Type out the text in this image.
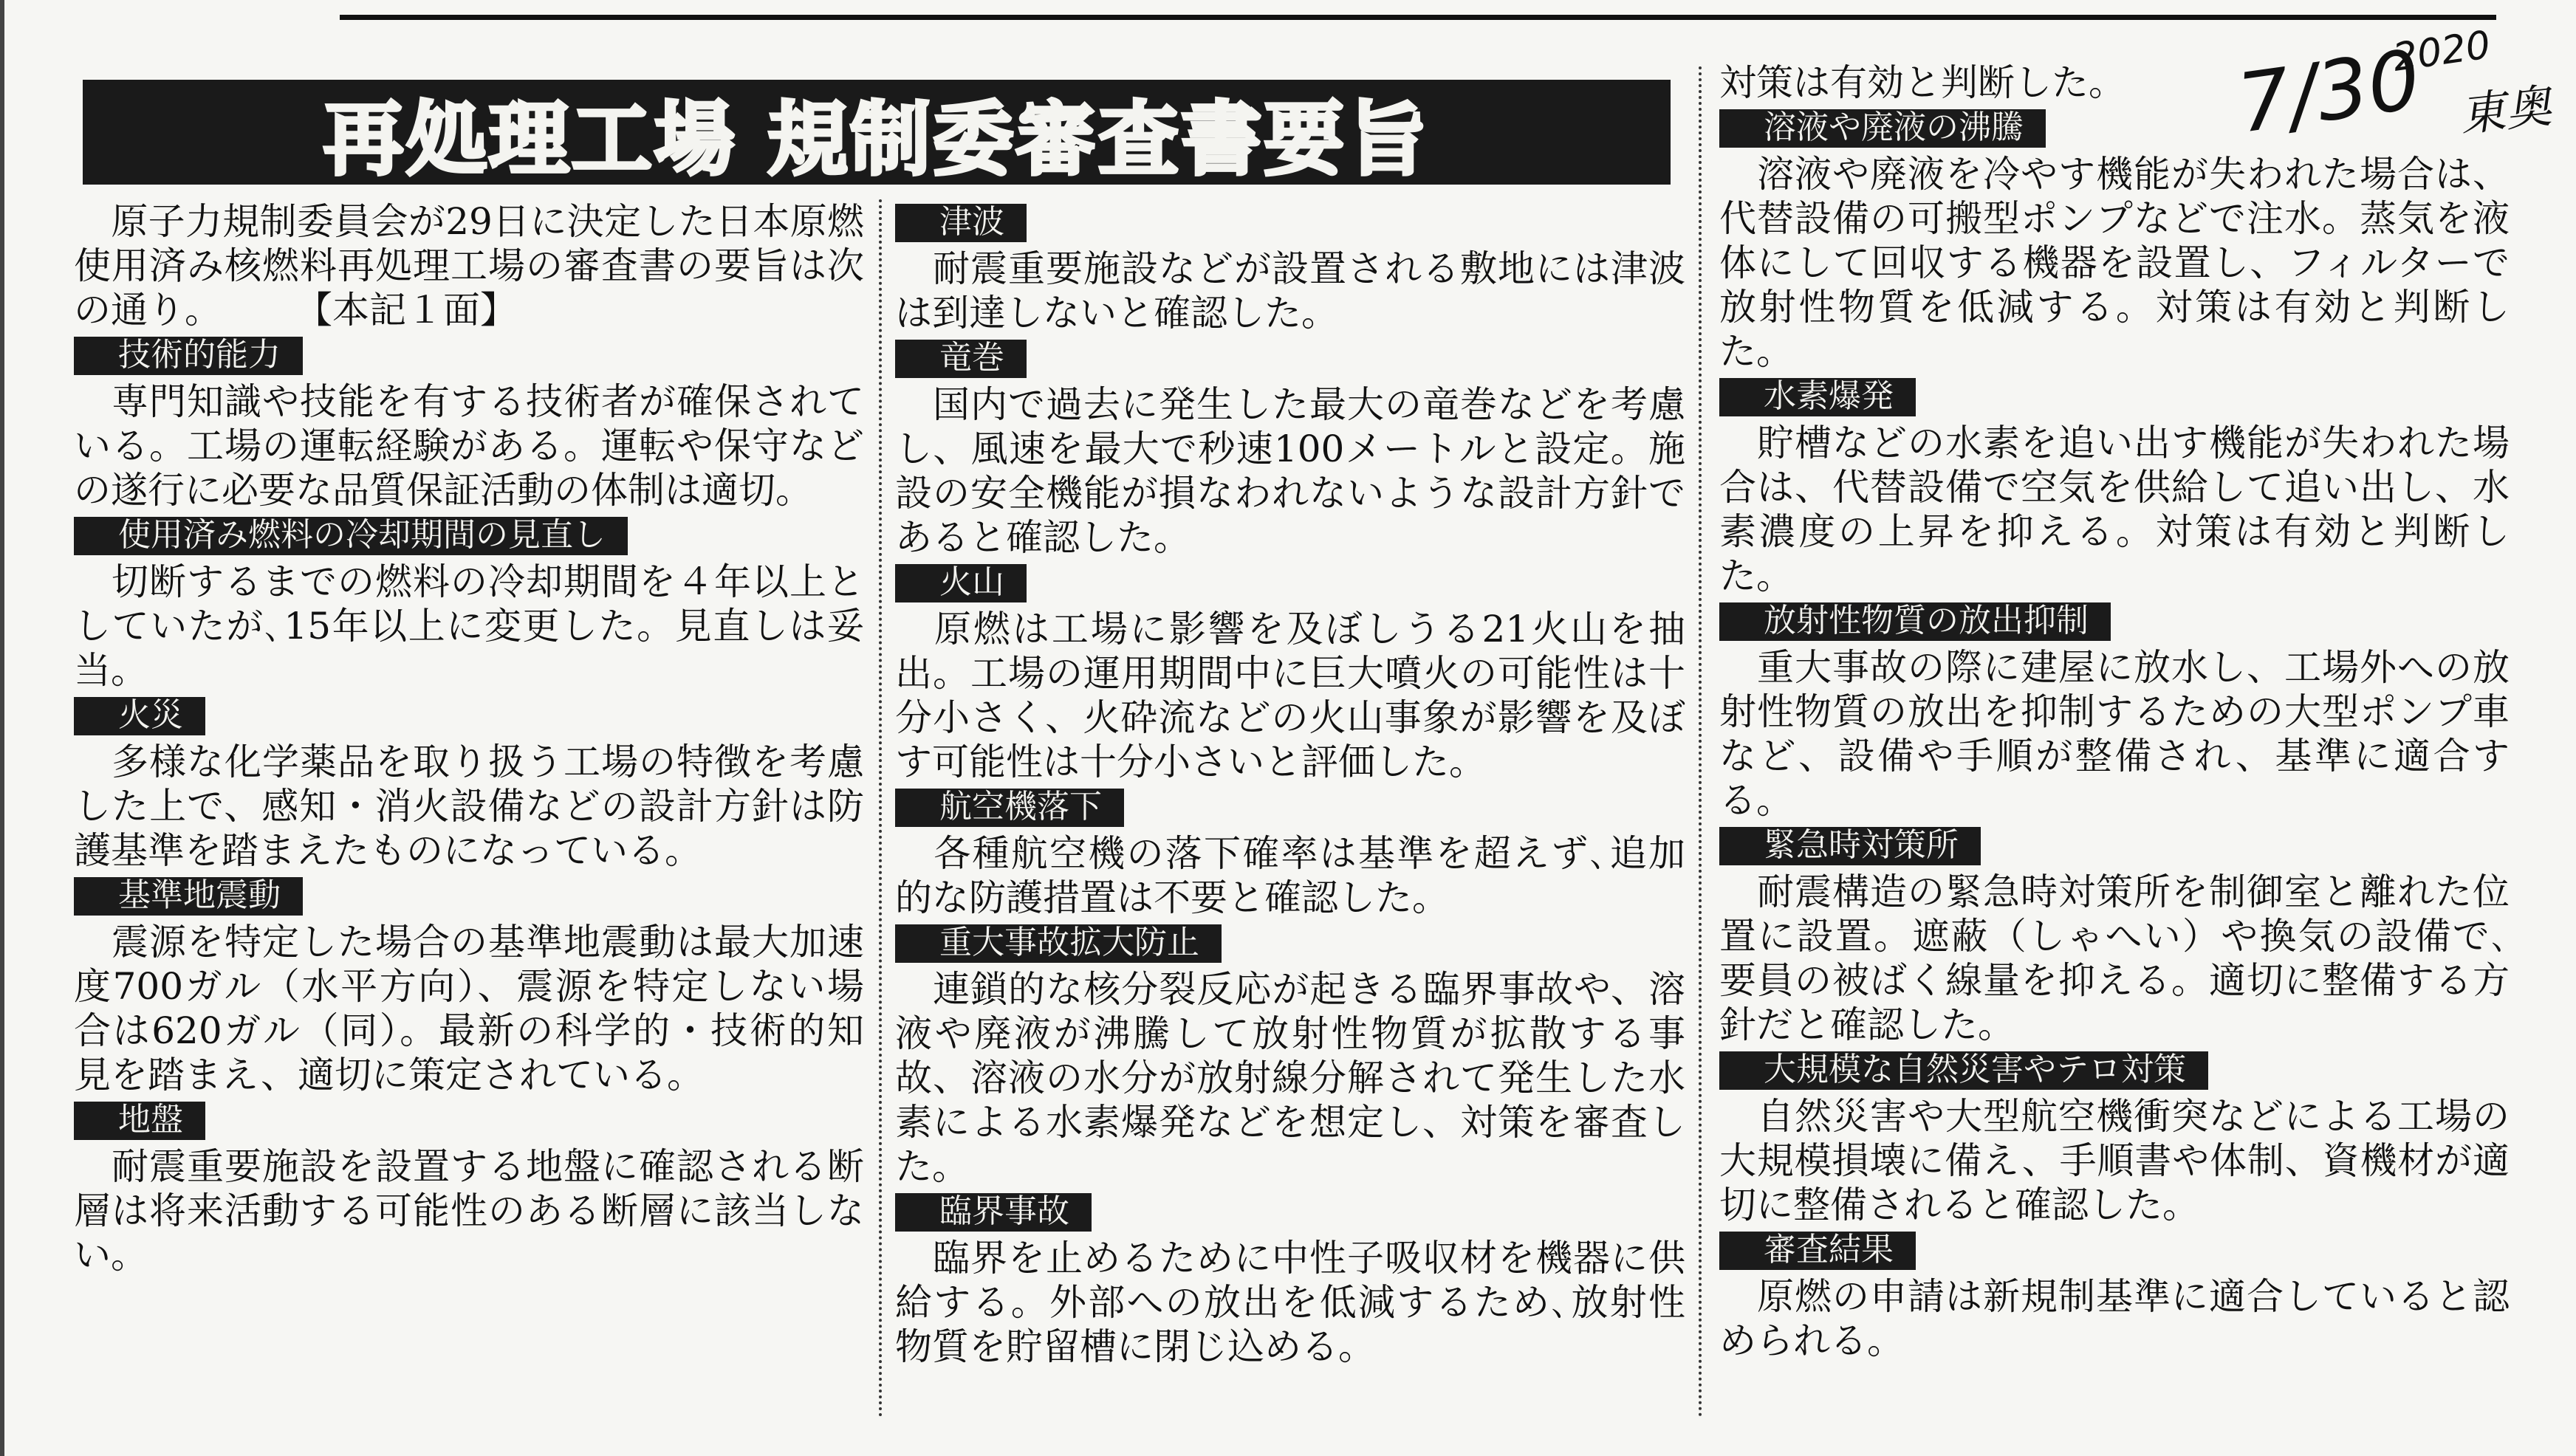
7/30
2020
東奥
再処理工場 規制委審査書要旨

　原子力規制委員会が29日に決定した日本原燃使用済み核燃料再処理工場の審査書の要旨は次の通り。　　　	【本記１面】

技術的能力

　専門知識や技能を有する技術者が確保されている。工場の運転経験がある。運転や保守などの遂行に必要な品質保証活動の体制は適切。

使用済み燃料の冷却期間の見直し

　切断するまでの燃料の冷却期間を４年以上としていたが､15年以上に変更した。見直しは妥当。

火災

　多様な化学薬品を取り扱う工場の特徴を考慮した上で、感知・消火設備などの設計方針は防護基準を踏まえたものになっている。

基準地震動

　震源を特定した場合の基準地震動は最大加速度700ガル（水平方向）、震源を特定しない場合は620ガル（同）。最新の科学的・技術的知見を踏まえ、適切に策定されている。

地盤

　耐震重要施設を設置する地盤に確認される断層は将来活動する可能性のある断層に該当しない。

津波

　耐震重要施設などが設置される敷地には津波は到達しないと確認した。

竜巻

　国内で過去に発生した最大の竜巻などを考慮し、風速を最大で秒速100メートルと設定。施設の安全機能が損なわれないような設計方針であると確認した。

火山

　原燃は工場に影響を及ぼしうる21火山を抽出。工場の運用期間中に巨大噴火の可能性は十分小さく、火砕流などの火山事象が影響を及ぼす可能性は十分小さいと評価した。

航空機落下

　各種航空機の落下確率は基準を超えず､追加的な防護措置は不要と確認した。

重大事故拡大防止

　連鎖的な核分裂反応が起きる臨界事故や、溶液や廃液が沸騰して放射性物質が拡散する事故、溶液の水分が放射線分解されて発生した水素による水素爆発などを想定し、対策を審査した。

臨界事故

　臨界を止めるために中性子吸収材を機器に供給する。外部への放出を低減するため､放射性物質を貯留槽に閉じ込める。

対策は有効と判断した。

溶液や廃液の沸騰

　溶液や廃液を冷やす機能が失われた場合は、代替設備の可搬型ポンプなどで注水。蒸気を液体にして回収する機器を設置し、フィルターで放射性物質を低減する。対策は有効と判断した。

水素爆発

　貯槽などの水素を追い出す機能が失われた場合は、代替設備で空気を供給して追い出し、水素濃度の上昇を抑える。対策は有効と判断した。

放射性物質の放出抑制

　重大事故の際に建屋に放水し、工場外への放射性物質の放出を抑制するための大型ポンプ車など、設備や手順が整備され、基準に適合する。

緊急時対策所

　耐震構造の緊急時対策所を制御室と離れた位置に設置。遮蔽（しゃへい）や換気の設備で､要員の被ばく線量を抑える。適切に整備する方針だと確認した。

大規模な自然災害やテロ対策

　自然災害や大型航空機衝突などによる工場の大規模損壊に備え、手順書や体制、資機材が適切に整備されると確認した。

審査結果

　原燃の申請は新規制基準に適合していると認められる。
